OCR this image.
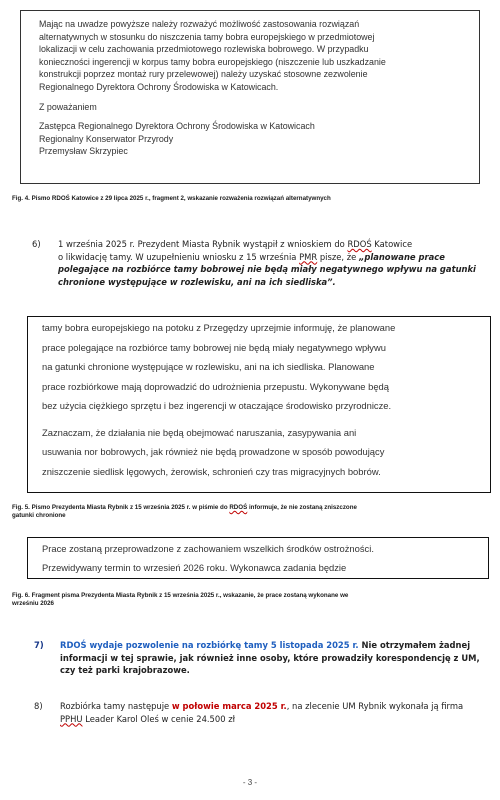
Mając na uwadze powyższe należy rozważyć możliwość zastosowania rozwiązań

alternatywnych w stosunku do niszczenia tamy bobra europejskiego w przedmiotowej

lokalizacji w celu zachowania przedmiotowego rozlewiska bobrowego. W przypadku

konieczności ingerencji w korpus tamy bobra europejskiego (niszczenie lub uszkadzanie

konstrukcji poprzez montaż rury przelewowej) należy uzyskać stosowne zezwolenie

Regionalnego Dyrektora Ochrony Środowiska w Katowicach.

Z poważaniem

Zastępca Regionalnego Dyrektora Ochrony Środowiska w Katowicach

Regionalny Konserwator Przyrody

Przemysław Skrzypiec

Fig. 4. Pismo RDOŚ Katowice z 29 lipca 2025 r., fragment 2, wskazanie rozważenia rozwiązań alternatywnych
6) 1 września 2025 r. Prezydent Miasta Rybnik wystąpił z wnioskiem do RDOŚ Katowice
o likwidację tamy. W uzupełnieniu wniosku z 15 września PMR pisze, że „planowane prace
polegające na rozbiórce tamy bobrowej nie będą miały negatywnego wpływu na gatunki
chronione występujące w rozlewisku, ani na ich siedliska”.

tamy bobra europejskiego na potoku z Przegędzy uprzejmie informuję, że planowane

prace polegające na rozbiórce tamy bobrowej nie będą miały negatywnego wpływu

na gatunki chronione występujące w rozlewisku, ani na ich siedliska. Planowane

prace rozbiórkowe mają doprowadzić do udrożnienia przepustu. Wykonywane będą

bez użycia ciężkiego sprzętu i bez ingerencji w otaczające środowisko przyrodnicze.

Zaznaczam, że działania nie będą obejmować naruszania, zasypywania ani

usuwania nor bobrowych, jak również nie będą prowadzone w sposób powodujący

zniszczenie siedlisk lęgowych, żerowisk, schronień czy tras migracyjnych bobrów.

Fig. 5. Pismo Prezydenta Miasta Rybnik z 15 września 2025 r. w piśmie do RDOŚ informuje, że nie zostaną zniszczone
gatunki chronione

Prace zostaną przeprowadzone z zachowaniem wszelkich środków ostrożności.

Przewidywany termin to wrzesień 2026 roku. Wykonawca zadania będzie

Fig. 6. Fragment pisma Prezydenta Miasta Rybnik z 15 września 2025 r., wskazanie, że prace zostaną wykonane we
wrześniu 2026
7) RDOŚ wydaje pozwolenie na rozbiórkę tamy 5 listopada 2025 r. Nie otrzymałem żadnej
informacji w tej sprawie, jak również inne osoby, które prowadziły korespondencję z UM,
czy też parki krajobrazowe.
8) Rozbiórka tamy następuje w połowie marca 2025 r., na zlecenie UM Rybnik wykonała ją firma
PPHU Leader Karol Oleś w cenie 24.500 zł
- 3 -
